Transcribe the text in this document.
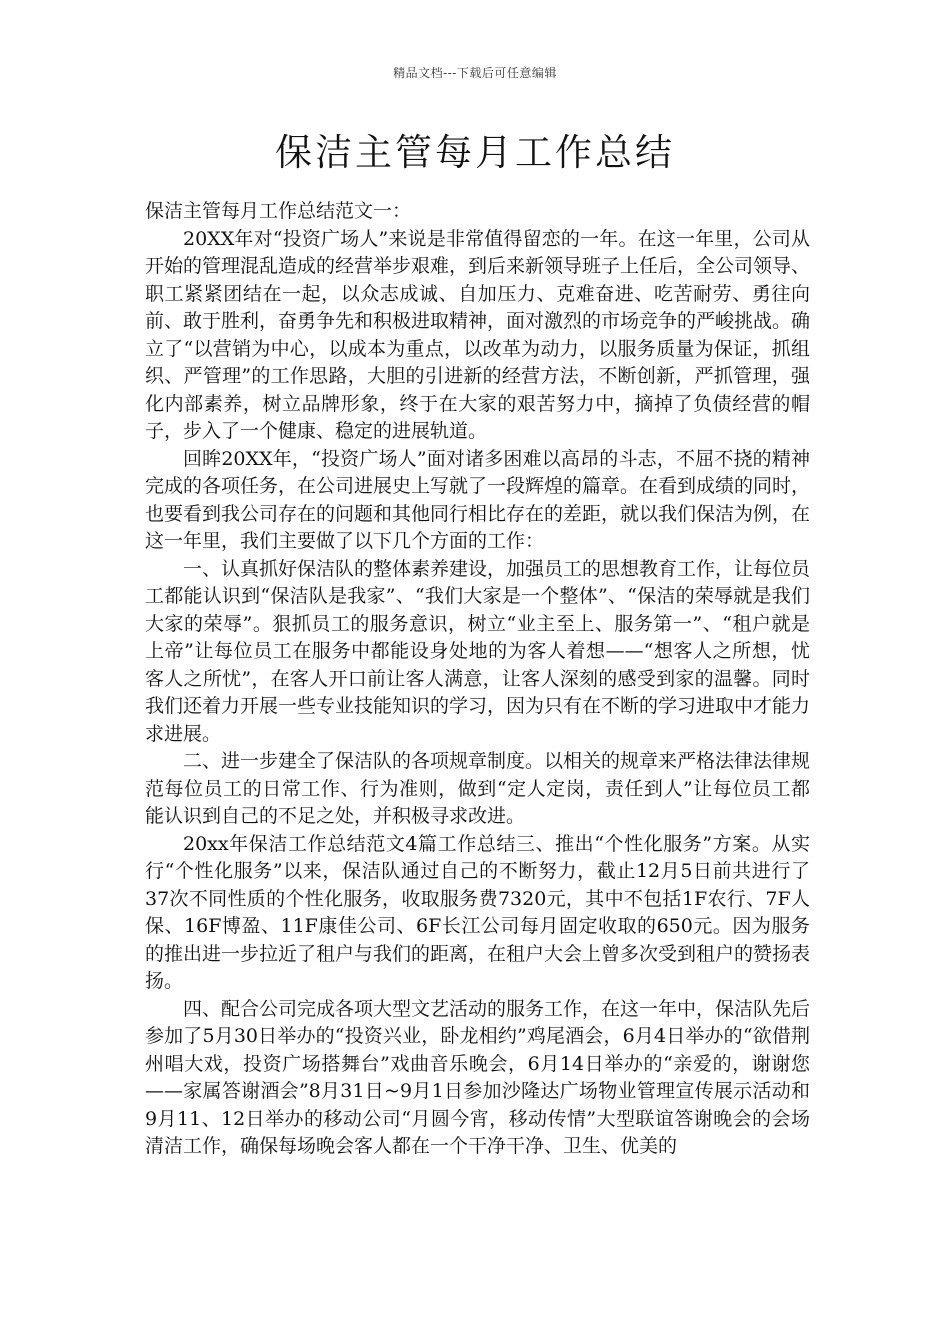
精品文档---下载后可任意编辑
保洁主管每月工作总结

保洁主管每月工作总结范文一：

20XX年对“投资广场人”来说是非常值得留恋的一年。在这一年里，公司从开始的管理混乱造成的经营举步艰难，到后来新领导班子上任后，全公司领导、职工紧紧团结在一起，以众志成诚、自加压力、克难奋进、吃苦耐劳、勇往向前、敢于胜利，奋勇争先和积极进取精神，面对激烈的市场竞争的严峻挑战。确立了“以营销为中心，以成本为重点，以改革为动力，以服务质量为保证，抓组织、严管理”的工作思路，大胆的引进新的经营方法，不断创新，严抓管理，强化内部素养，树立品牌形象，终于在大家的艰苦努力中，摘掉了负债经营的帽子，步入了一个健康、稳定的进展轨道。

回眸20XX年，“投资广场人”面对诸多困难以高昂的斗志，不屈不挠的精神完成的各项任务，在公司进展史上写就了一段辉煌的篇章。在看到成绩的同时，也要看到我公司存在的问题和其他同行相比存在的差距，就以我们保洁为例，在这一年里，我们主要做了以下几个方面的工作：

一、认真抓好保洁队的整体素养建设，加强员工的思想教育工作，让每位员工都能认识到“保洁队是我家”、“我们大家是一个整体”、“保洁的荣辱就是我们大家的荣辱”。狠抓员工的服务意识，树立“业主至上、服务第一”、“租户就是上帝”让每位员工在服务中都能设身处地的为客人着想——“想客人之所想，忧客人之所忧”，在客人开口前让客人满意，让客人深刻的感受到家的温馨。同时我们还着力开展一些专业技能知识的学习，因为只有在不断的学习进取中才能力求进展。

二、进一步建全了保洁队的各项规章制度。以相关的规章来严格法律法律规范每位员工的日常工作、行为准则，做到“定人定岗，责任到人”让每位员工都能认识到自己的不足之处，并积极寻求改进。

20xx年保洁工作总结范文4篇工作总结三、推出“个性化服务”方案。从实行“个性化服务”以来，保洁队通过自己的不断努力，截止12月5日前共进行了37次不同性质的个性化服务，收取服务费7320元，其中不包括1F农行、7F人保、16F博盈、11F康佳公司、6F长江公司每月固定收取的650元。因为服务的推出进一步拉近了租户与我们的距离，在租户大会上曾多次受到租户的赞扬表扬。

四、配合公司完成各项大型文艺活动的服务工作，在这一年中，保洁队先后参加了5月30日举办的“投资兴业，卧龙相约”鸡尾酒会，6月4日举办的“欲借荆州唱大戏，投资广场搭舞台”戏曲音乐晚会，6月14日举办的“亲爱的，谢谢您——家属答谢酒会”8月31日~9月1日参加沙隆达广场物业管理宣传展示活动和9月11、12日举办的移动公司“月圆今宵，移动传情”大型联谊答谢晚会的会场清洁工作，确保每场晚会客人都在一个干净干净、卫生、优美的
